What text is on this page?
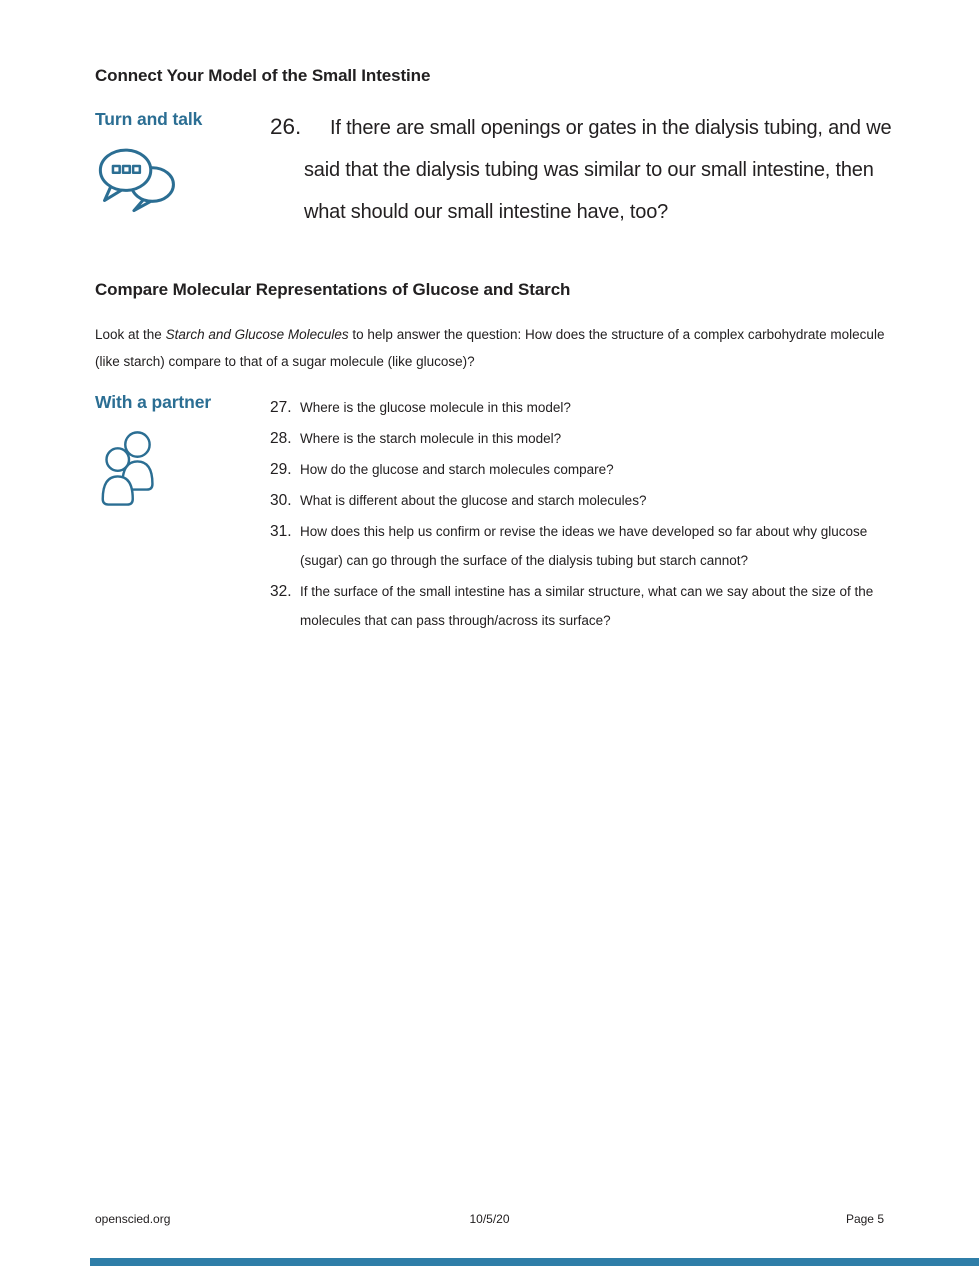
Connect Your Model of the Small Intestine
Turn and talk	26.	If there are small openings or gates in the dialysis tubing, and we said that the dialysis tubing was similar to our small intestine, then what should our small intestine have, too?
Compare Molecular Representations of Glucose and Starch

Look at the Starch and Glucose Molecules to help answer the question: How does the structure of a complex carbohydrate molecule (like starch) compare to that of a sugar molecule (like glucose)?

With a partner	27. Where is the glucose molecule in this model?
28. Where is the starch molecule in this model?
29. How do the glucose and starch molecules compare?
30. What is different about the glucose and starch molecules?
31. How does this help us confirm or revise the ideas we have developed so far about why glucose (sugar) can go through the surface of the dialysis tubing but starch cannot?
32. If the surface of the small intestine has a similar structure, what can we say about the size of the molecules that can pass through/across its surface?
openscied.org	10/5/20	Page 5
